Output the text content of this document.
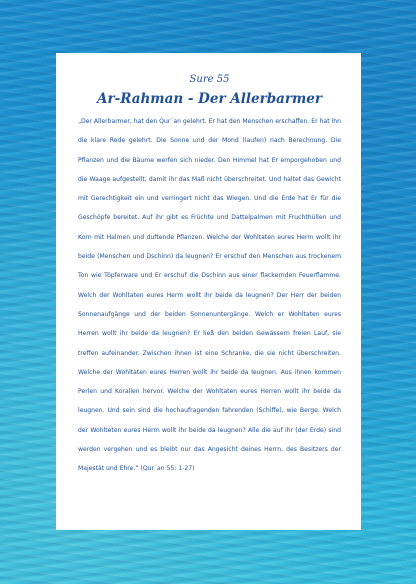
Sure 55

Ar-Rahman - Der Allerbarmer

„Der Allerbarmer, hat den Qur´an gelehrt. Er hat den Menschen erschaffen. Er hat ihn die klare Rede gelehrt. Die Sonne und der Mond (laufen) nach Berechnung. Die Pflanzen und die Bäume werfen sich nieder. Den Himmel hat Er emporgehoben und die Waage aufgestellt, damit ihr das Maß nicht überschreitet. Und haltet das Gewicht mit Gerechtigkeit ein und verringert nicht das Wiegen. Und die Erde hat Er für die Geschöpfe bereitet. Auf ihr gibt es Früchte und Dattelpalmen mit Fruchthüllen und Korn mit Halmen und duftende Pflanzen. Welche der Wohltaten eures Herrn wollt ihr beide (Menschen und Dschinn) da leugnen? Er erschuf den Menschen aus trockenem Ton wie Töpferware und Er erschuf die Dschinn aus einer flackernden Feuerflamme. Welch der Wohltaten eures Herrn wollt ihr beide da leugnen? Der Herr der beiden Sonnenaufgänge und der beiden Sonnenuntergänge. Welch er Wohltaten eures Herren wollt ihr beide da leugnen? Er ließ den beiden Gewässern freien Lauf, sie treffen aufeinander. Zwischen ihnen ist eine Schranke, die sie nicht überschreiten. Welche der Wohltaten eures Herren wollt ihr beide da leugnen. Aus ihnen kommen Perlen und Korallen hervor. Welche der Wohltaten eures Herren wollt ihr beide da leugnen. Und sein sind die hochaufragenden fahrenden (Schiffe), wie Berge. Welch der Wohlteten eures Herrn wollt ihr beide da leugnen? Alle die auf ihr (der Erde) sind werden vergehen und es bleibt nur das Angesicht deines Herrn, des Besitzers der Majestät und Ehre.“ (Qur´an 55: 1-27)
